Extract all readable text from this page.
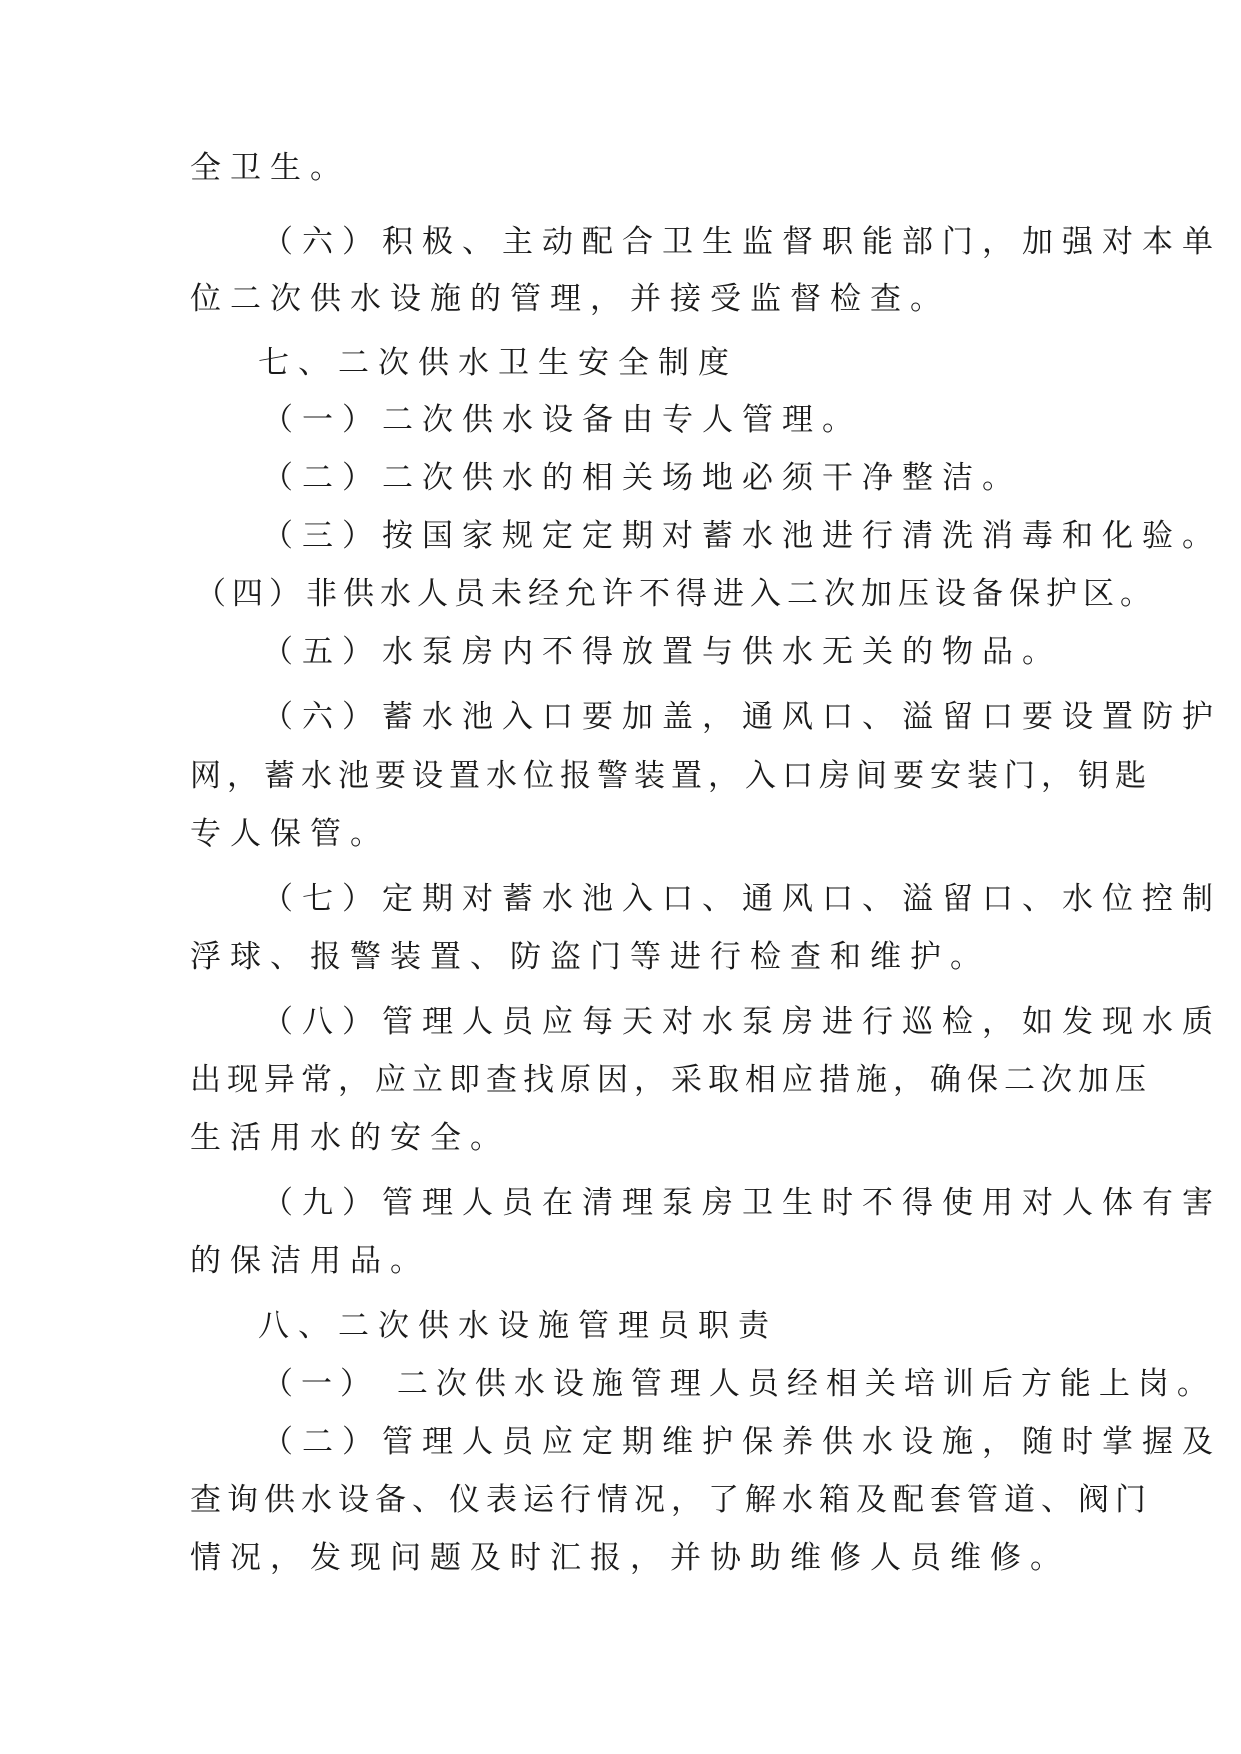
全卫生。
（六）积极、主动配合卫生监督职能部门，加强对本单
位二次供水设施的管理，并接受监督检查。
七、二次供水卫生安全制度
（一）二次供水设备由专人管理。
（二）二次供水的相关场地必须干净整洁。
（三）按国家规定定期对蓄水池进行清洗消毒和化验。
（四）非供水人员未经允许不得进入二次加压设备保护区。
（五）水泵房内不得放置与供水无关的物品。
（六）蓄水池入口要加盖，通风口、溢留口要设置防护
网，蓄水池要设置水位报警装置，入口房间要安装门，钥匙
专人保管。
（七）定期对蓄水池入口、通风口、溢留口、水位控制
浮球、报警装置、防盗门等进行检查和维护。
（八）管理人员应每天对水泵房进行巡检，如发现水质
出现异常，应立即查找原因，采取相应措施，确保二次加压
生活用水的安全。
（九）管理人员在清理泵房卫生时不得使用对人体有害
的保洁用品。
八、二次供水设施管理员职责
（一） 二次供水设施管理人员经相关培训后方能上岗。
（二）管理人员应定期维护保养供水设施，随时掌握及
查询供水设备、仪表运行情况，了解水箱及配套管道、阀门
情况，发现问题及时汇报，并协助维修人员维修。
